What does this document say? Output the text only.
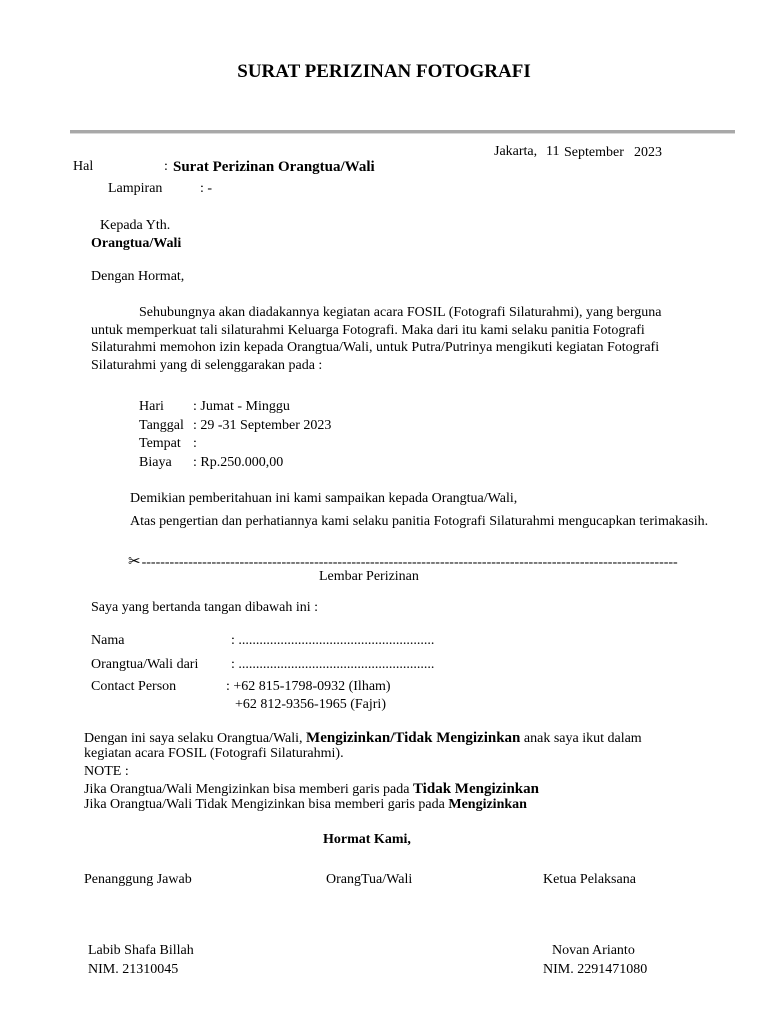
SURAT PERIZINAN FOTOGRAFI
Jakarta, 11 September 2023
Hal	: Surat Perizinan Orangtua/Wali
Lampiran	: -
Kepada Yth.
Orangtua/Wali
Dengan Hormat,
Sehubungnya akan diadakannya kegiatan acara FOSIL (Fotografi Silaturahmi), yang berguna untuk memperkuat tali silaturahmi Keluarga Fotografi. Maka dari itu kami selaku panitia Fotografi Silaturahmi memohon izin kepada Orangtua/Wali, untuk Putra/Putrinya mengikuti kegiatan Fotografi Silaturahmi yang di selenggarakan pada :
Hari : Jumat - Minggu
Tanggal : 29 -31 September 2023
Tempat :
Biaya : Rp.250.000,00
Demikian pemberitahuan ini kami sampaikan kepada Orangtua/Wali,
Atas pengertian dan perhatiannya kami selaku panitia Fotografi Silaturahmi mengucapkan terimakasih.
✂-------------------------------------------------------------------------------------------------------------------
Lembar Perizinan
Saya yang bertanda tangan dibawah ini :
Nama	: ........................................................
Orangtua/Wali dari : ........................................................
Contact Person	: +62 815-1798-0932 (Ilham)
+62 812-9356-1965 (Fajri)
Dengan ini saya selaku Orangtua/Wali, Mengizinkan/Tidak Mengizinkan anak saya ikut dalam
kegiatan acara FOSIL (Fotografi Silaturahmi).
NOTE :
Jika Orangtua/Wali Mengizinkan bisa memberi garis pada Tidak Mengizinkan
Jika Orangtua/Wali Tidak Mengizinkan bisa memberi garis pada Mengizinkan
Hormat Kami,
Penanggung Jawab	OrangTua/Wali	Ketua Pelaksana
Labib Shafa Billah
NIM. 21310045
Novan Arianto
NIM. 2291471080
